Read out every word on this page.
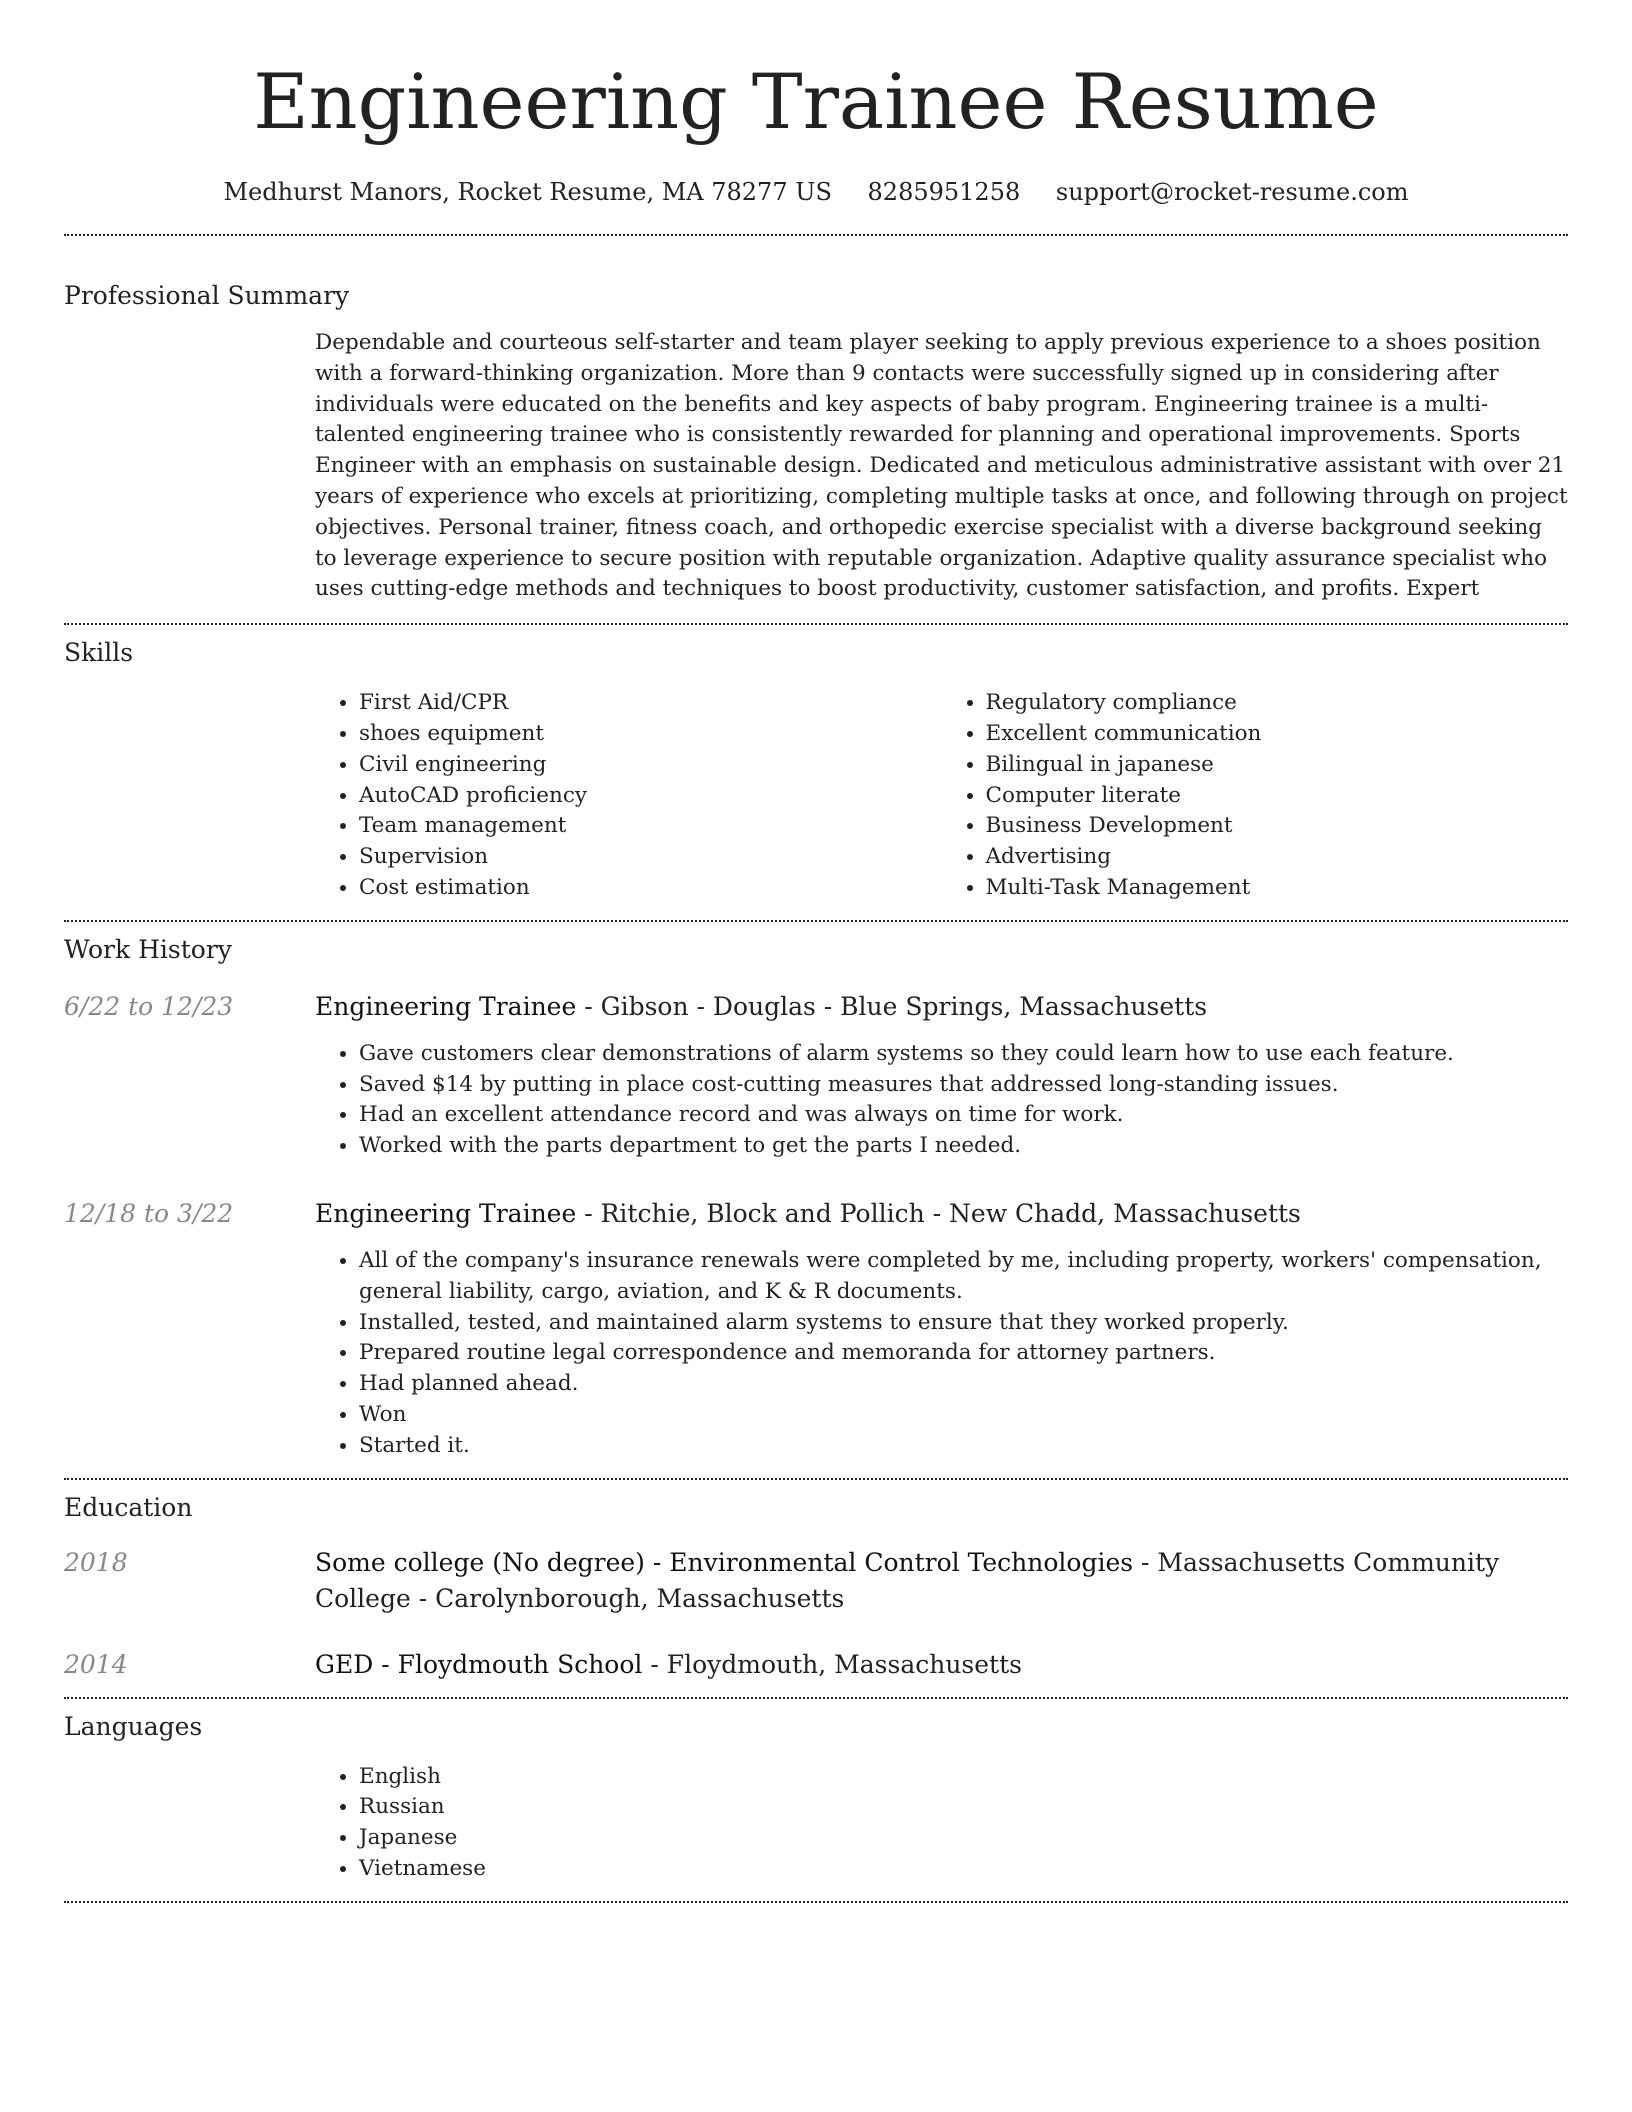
Engineering Trainee Resume
Medhurst Manors, Rocket Resume, MA 78277 US 8285951258 support@rocket-resume.com
Professional Summary

Dependable and courteous self-starter and team player seeking to apply previous experience to a shoes position with a forward-thinking organization. More than 9 contacts were successfully signed up in considering after individuals were educated on the benefits and key aspects of baby program. Engineering trainee is a multi-talented engineering trainee who is consistently rewarded for planning and operational improvements. Sports Engineer with an emphasis on sustainable design. Dedicated and meticulous administrative assistant with over 21 years of experience who excels at prioritizing, completing multiple tasks at once, and following through on project objectives. Personal trainer, fitness coach, and orthopedic exercise specialist with a diverse background seeking to leverage experience to secure position with reputable organization. Adaptive quality assurance specialist who uses cutting-edge methods and techniques to boost productivity, customer satisfaction, and profits. Expert

Skills
• First Aid/CPR
• shoes equipment
• Civil engineering
• AutoCAD proficiency
• Team management
• Supervision
• Cost estimation
• Regulatory compliance
• Excellent communication
• Bilingual in japanese
• Computer literate
• Business Development
• Advertising
• Multi-Task Management
Work History
6/22 to 12/23	Engineering Trainee - Gibson - Douglas - Blue Springs, Massachusetts
• Gave customers clear demonstrations of alarm systems so they could learn how to use each feature.
• Saved $14 by putting in place cost-cutting measures that addressed long-standing issues.
• Had an excellent attendance record and was always on time for work.
• Worked with the parts department to get the parts I needed.
12/18 to 3/22	Engineering Trainee - Ritchie, Block and Pollich - New Chadd, Massachusetts
• All of the company's insurance renewals were completed by me, including property, workers' compensation, general liability, cargo, aviation, and K & R documents.
• Installed, tested, and maintained alarm systems to ensure that they worked properly.
• Prepared routine legal correspondence and memoranda for attorney partners.
• Had planned ahead.
• Won
• Started it.
Education
2018	Some college (No degree) - Environmental Control Technologies - Massachusetts Community College - Carolynborough, Massachusetts
2014	GED - Floydmouth School - Floydmouth, Massachusetts
Languages
• English
• Russian
• Japanese
• Vietnamese
